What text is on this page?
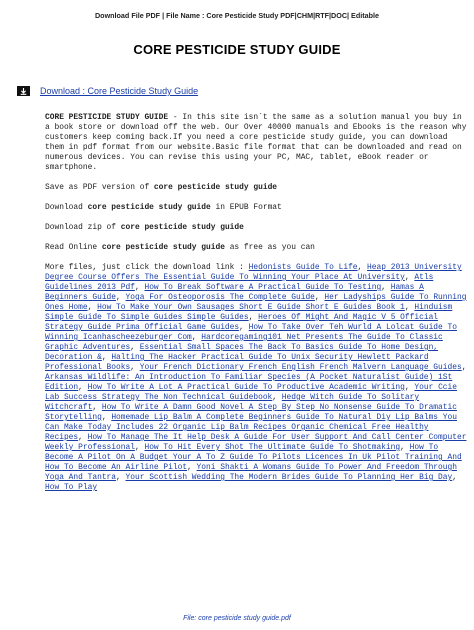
Download File PDF | File Name : Core Pesticide Study PDF|CHM|RTF|DOC| Editable
CORE PESTICIDE STUDY GUIDE
Download : Core Pesticide Study Guide

CORE PESTICIDE STUDY GUIDE - In this site isn`t the same as a solution manual you buy in a book store or download off the web. Our Over 40000 manuals and Ebooks is the reason why customers keep coming back.If you need a core pesticide study guide, you can download them in pdf format from our website.Basic file format that can be downloaded and read on numerous devices. You can revise this using your PC, MAC, tablet, eBook reader or smartphone.

Save as PDF version of core pesticide study guide

Download core pesticide study guide in EPUB Format

Download zip of core pesticide study guide

Read Online core pesticide study guide as free as you can

More files, just click the download link : Hedonists Guide To Life, Heap 2013 University Degree Course Offers The Essential Guide To Winning Your Place At University, Atls Guidelines 2013 Pdf, How To Break Software A Practical Guide To Testing, Hamas A Beginners Guide, Yoga For Osteoporosis The Complete Guide, Her Ladyships Guide To Running Ones Home, How To Make Your Own Sausages Short E Guide Short E Guides Book 1, Hinduism Simple Guide To Simple Guides Simple Guides, Heroes Of Might And Magic V 5 Official Strategy Guide Prima Official Game Guides, How To Take Over Teh Wurld A Lolcat Guide To Winning Icanhascheezeburger Com, Hardcoregaming101 Net Presents The Guide To Classic Graphic Adventures, Essential Small Spaces The Back To Basics Guide To Home Design, Decoration &, Halting The Hacker Practical Guide To Unix Security Hewlett Packard Professional Books, Your French Dictionary French English French Malvern Language Guides, Arkansas Wildlife: An Introduction To Familiar Species (A Pocket Naturalist Guide) 1St Edition, How To Write A Lot A Practical Guide To Productive Academic Writing, Your Ccie Lab Success Strategy The Non Technical Guidebook, Hedge Witch Guide To Solitary Witchcraft, How To Write A Damn Good Novel A Step By Step No Nonsense Guide To Dramatic Storytelling, Homemade Lip Balm A Complete Beginners Guide To Natural Diy Lip Balms You Can Make Today Includes 22 Organic Lip Balm Recipes Organic Chemical Free Healthy Recipes, How To Manage The It Help Desk A Guide For User Support And Call Center Computer Weekly Professional, How To Hit Every Shot The Ultimate Guide To Shotmaking, How To Become A Pilot On A Budget Your A To Z Guide To Pilots Licences In Uk Pilot Training And How To Become An Airline Pilot, Yoni Shakti A Womans Guide To Power And Freedom Through Yoga And Tantra, Your Scottish Wedding The Modern Brides Guide To Planning Her Big Day, How To Play

File: core pesticide study guide.pdf
